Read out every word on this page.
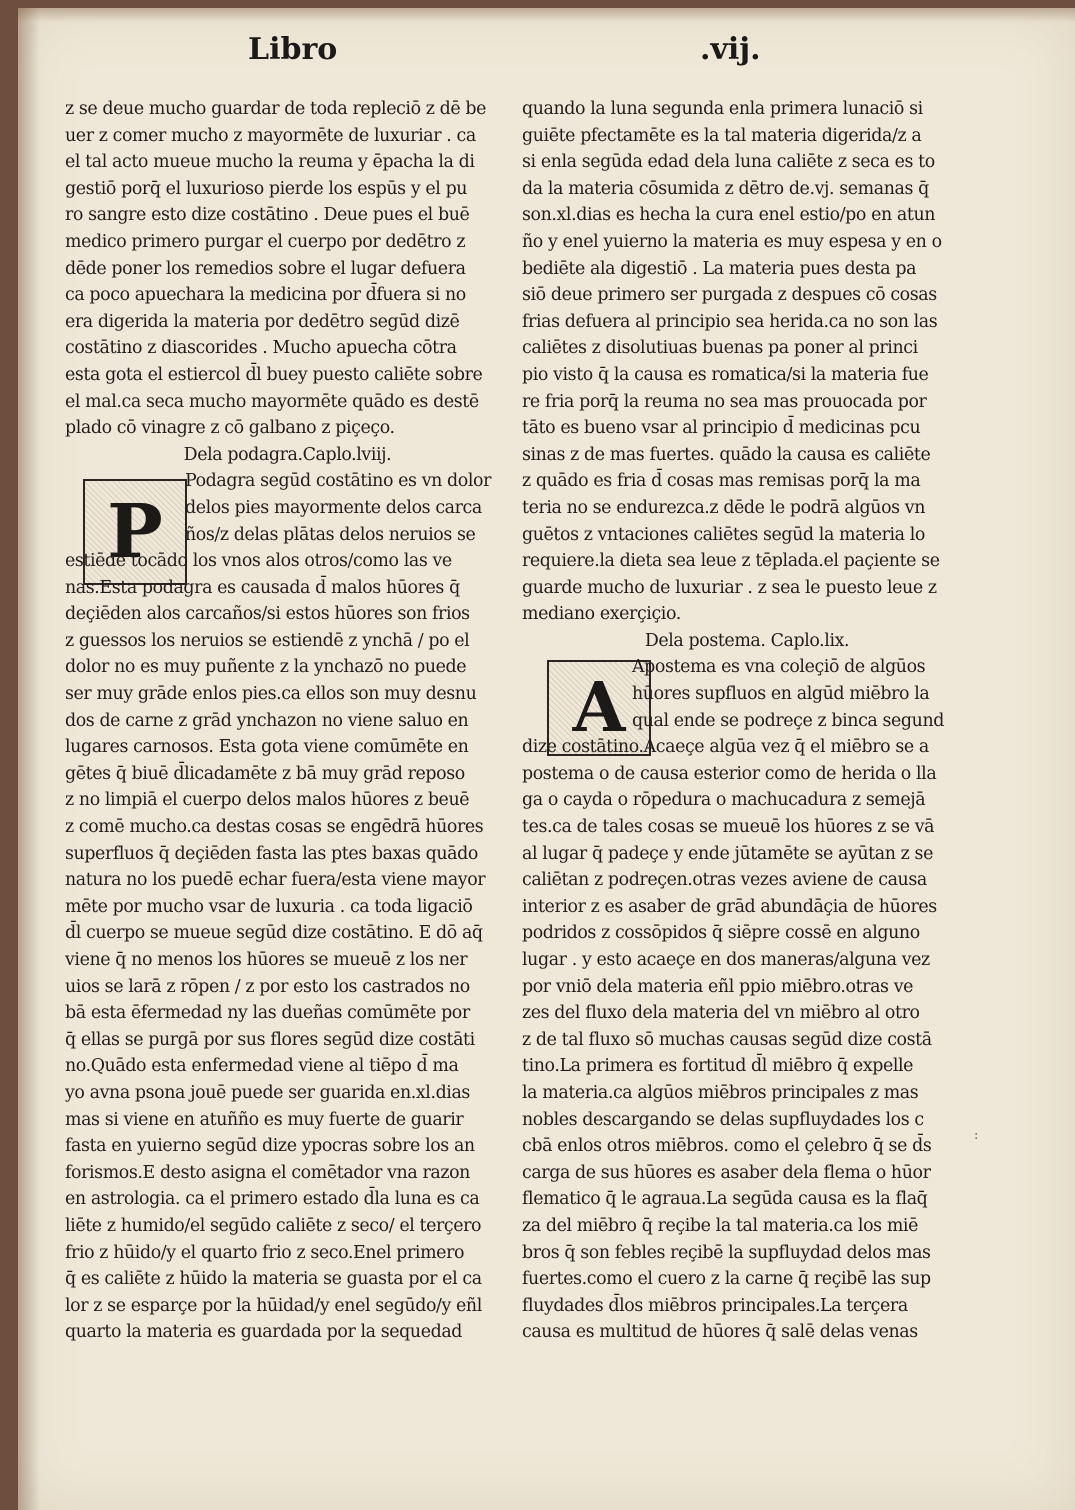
Libro	.vij.
P
A
z se deue mucho guardar de toda repleciō z dē be
uer z comer mucho z mayormēte de luxuriar . ca
el tal acto mueue mucho la reuma y ēpacha la di
gestiō porq̄ el luxurioso pierde los espūs y el pu
ro sangre esto dize costātino . Deue pues el buē
medico primero purgar el cuerpo por dedētro z
dēde poner los remedios sobre el lugar defuera
ca poco apuechara la medicina por d̄fuera si no
era digerida la materia por dedētro segūd dizē
costātino z diascorides . Mucho apuecha cōtra
esta gota el estiercol d̄l buey puesto caliēte sobre
el mal.ca seca mucho mayormēte quādo es destē
plado cō vinagre z cō galbano z piçeço.
Dela podagra.Caplo.lviij.
Podagra segūd costātino es vn dolor
delos pies mayormente delos carca
ños/z delas plātas delos neruios se
estiēdē tocādo los vnos alos otros/como las ve
nas.Esta podagra es causada d̄ malos hūores q̄
deçiēden alos carcaños/si estos hūores son frios
z guessos los neruios se estiendē z ynchā / po el
dolor no es muy puñente z la ynchazō no puede
ser muy grāde enlos pies.ca ellos son muy desnu
dos de carne z grād ynchazon no viene saluo en
lugares carnosos. Esta gota viene comūmēte en
gētes q̄ biuē d̄licadamēte z bā muy grād reposo
z no limpiā el cuerpo delos malos hūores z beuē
z comē mucho.ca destas cosas se engēdrā hūores
superfluos q̄ deçiēden fasta las ptes baxas quādo
natura no los puedē echar fuera/esta viene mayor
mēte por mucho vsar de luxuria . ca toda ligaciō
d̄l cuerpo se mueue segūd dize costātino. E dō aq̄
viene q̄ no menos los hūores se mueuē z los ner
uios se larā z rōpen / z por esto los castrados no
bā esta ēfermedad ny las dueñas comūmēte por
q̄ ellas se purgā por sus flores segūd dize costāti
no.Quādo esta enfermedad viene al tiēpo d̄ ma
yo avna psona jouē puede ser guarida en.xl.dias
mas si viene en atuñño es muy fuerte de guarir
fasta en yuierno segūd dize ypocras sobre los an
forismos.E desto asigna el comētador vna razon
en astrologia. ca el primero estado d̄la luna es ca
liēte z humido/el segūdo caliēte z seco/ el terçero
frio z hūido/y el quarto frio z seco.Enel primero
q̄ es caliēte z hūido la materia se guasta por el ca
lor z se esparçe por la hūidad/y enel segūdo/y eñl
quarto la materia es guardada por la sequedad
quando la luna segunda enla primera lunaciō si
guiēte pfectamēte es la tal materia digerida/z a
si enla segūda edad dela luna caliēte z seca es to
da la materia cōsumida z dētro de.vj. semanas q̄
son.xl.dias es hecha la cura enel estio/po en atun
ño y enel yuierno la materia es muy espesa y en o
bediēte ala digestiō . La materia pues desta pa
siō deue primero ser purgada z despues cō cosas
frias defuera al principio sea herida.ca no son las
caliētes z disolutiuas buenas pa poner al princi
pio visto q̄ la causa es romatica/si la materia fue
re fria porq̄ la reuma no sea mas prouocada por
tāto es bueno vsar al principio d̄ medicinas pcu
sinas z de mas fuertes. quādo la causa es caliēte
z quādo es fria d̄ cosas mas remisas porq̄ la ma
teria no se endurezca.z dēde le podrā algūos vn
guētos z vntaciones caliētes segūd la materia lo
requiere.la dieta sea leue z tēplada.el paçiente se
guarde mucho de luxuriar . z sea le puesto leue z
mediano exerçiçio.
Dela postema. Caplo.lix.
Apostema es vna coleçiō de algūos
hūores supfluos en algūd miēbro la
qual ende se podreçe z binca segund
dize costātino.Acaeçe algūa vez q̄ el miēbro se a
postema o de causa esterior como de herida o lla
ga o cayda o rōpedura o machucadura z semejā
tes.ca de tales cosas se mueuē los hūores z se vā
al lugar q̄ padeçe y ende jūtamēte se ayūtan z se
caliētan z podreçen.otras vezes aviene de causa
interior z es asaber de grād abundāçia de hūores
podridos z cossōpidos q̄ siēpre cossē en alguno
lugar . y esto acaeçe en dos maneras/alguna vez
por vniō dela materia eñl ppio miēbro.otras ve
zes del fluxo dela materia del vn miēbro al otro
z de tal fluxo sō muchas causas segūd dize costā
tino.La primera es fortitud d̄l miēbro q̄ expelle
la materia.ca algūos miēbros principales z mas
nobles descargando se delas supfluydades los c
cbā enlos otros miēbros. como el çelebro q̄ se d̄s
carga de sus hūores es asaber dela flema o hūor
flematico q̄ le agraua.La segūda causa es la flaq̄
za del miēbro q̄ reçibe la tal materia.ca los miē
bros q̄ son febles reçibē la supfluydad delos mas
fuertes.como el cuero z la carne q̄ reçibē las sup
fluydades d̄los miēbros principales.La terçera
causa es multitud de hūores q̄ salē delas venas
:
